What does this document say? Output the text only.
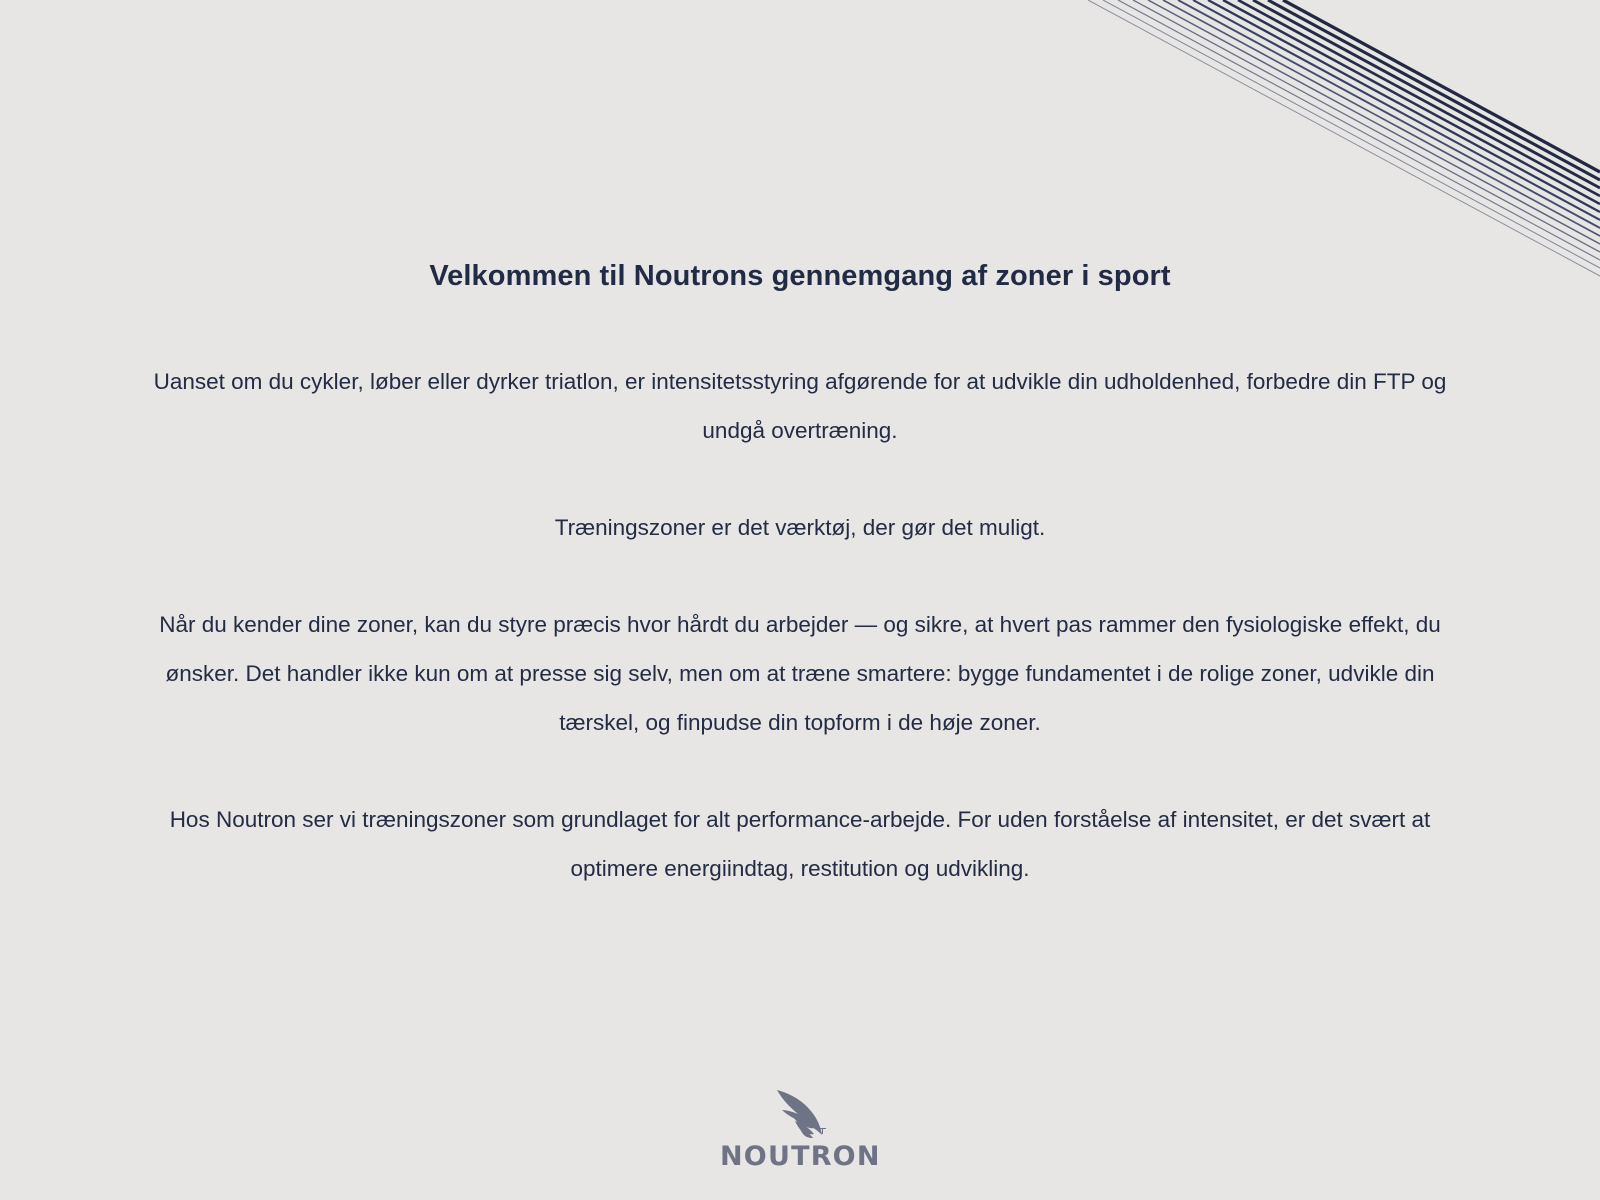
Velkommen til Noutrons gennemgang af zoner i sport

Uanset om du cykler, løber eller dyrker triatlon, er intensitetsstyring afgørende for at udvikle din udholdenhed, forbedre din FTP og undgå overtræning.

Træningszoner er det værktøj, der gør det muligt.

Når du kender dine zoner, kan du styre præcis hvor hårdt du arbejder — og sikre, at hvert pas rammer den fysiologiske effekt, du ønsker. Det handler ikke kun om at presse sig selv, men om at træne smartere: bygge fundamentet i de rolige zoner, udvikle din tærskel, og finpudse din topform i de høje zoner.

Hos Noutron ser vi træningszoner som grundlaget for alt performance-arbejde. For uden forståelse af intensitet, er det svært at optimere energiindtag, restitution og udvikling.

NOUTRON
